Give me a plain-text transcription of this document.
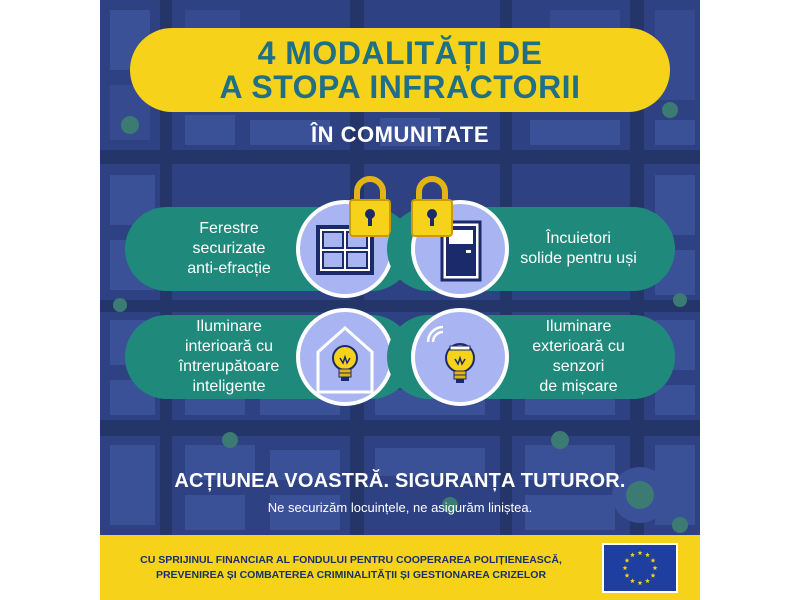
4 MODALITĂȚI DE
A STOPA INFRACTORII
ÎN COMUNITATE
Ferestre
securizate
anti-efracție
Încuietori
solide pentru uși
Iluminare
interioară cu
întrerupătoare
inteligente
Iluminare
exterioară cu
senzori
de mișcare
ACȚIUNEA VOASTRĂ. SIGURANȚA TUTUROR.
Ne securizăm locuințele, ne asigurăm liniștea.
CU SPRIJINUL FINANCIAR AL FONDULUI PENTRU COOPERAREA POLIȚIENEASCĂ,
PREVENIREA ȘI COMBATEREA CRIMINALITĂȚII ȘI GESTIONAREA CRIZELOR
